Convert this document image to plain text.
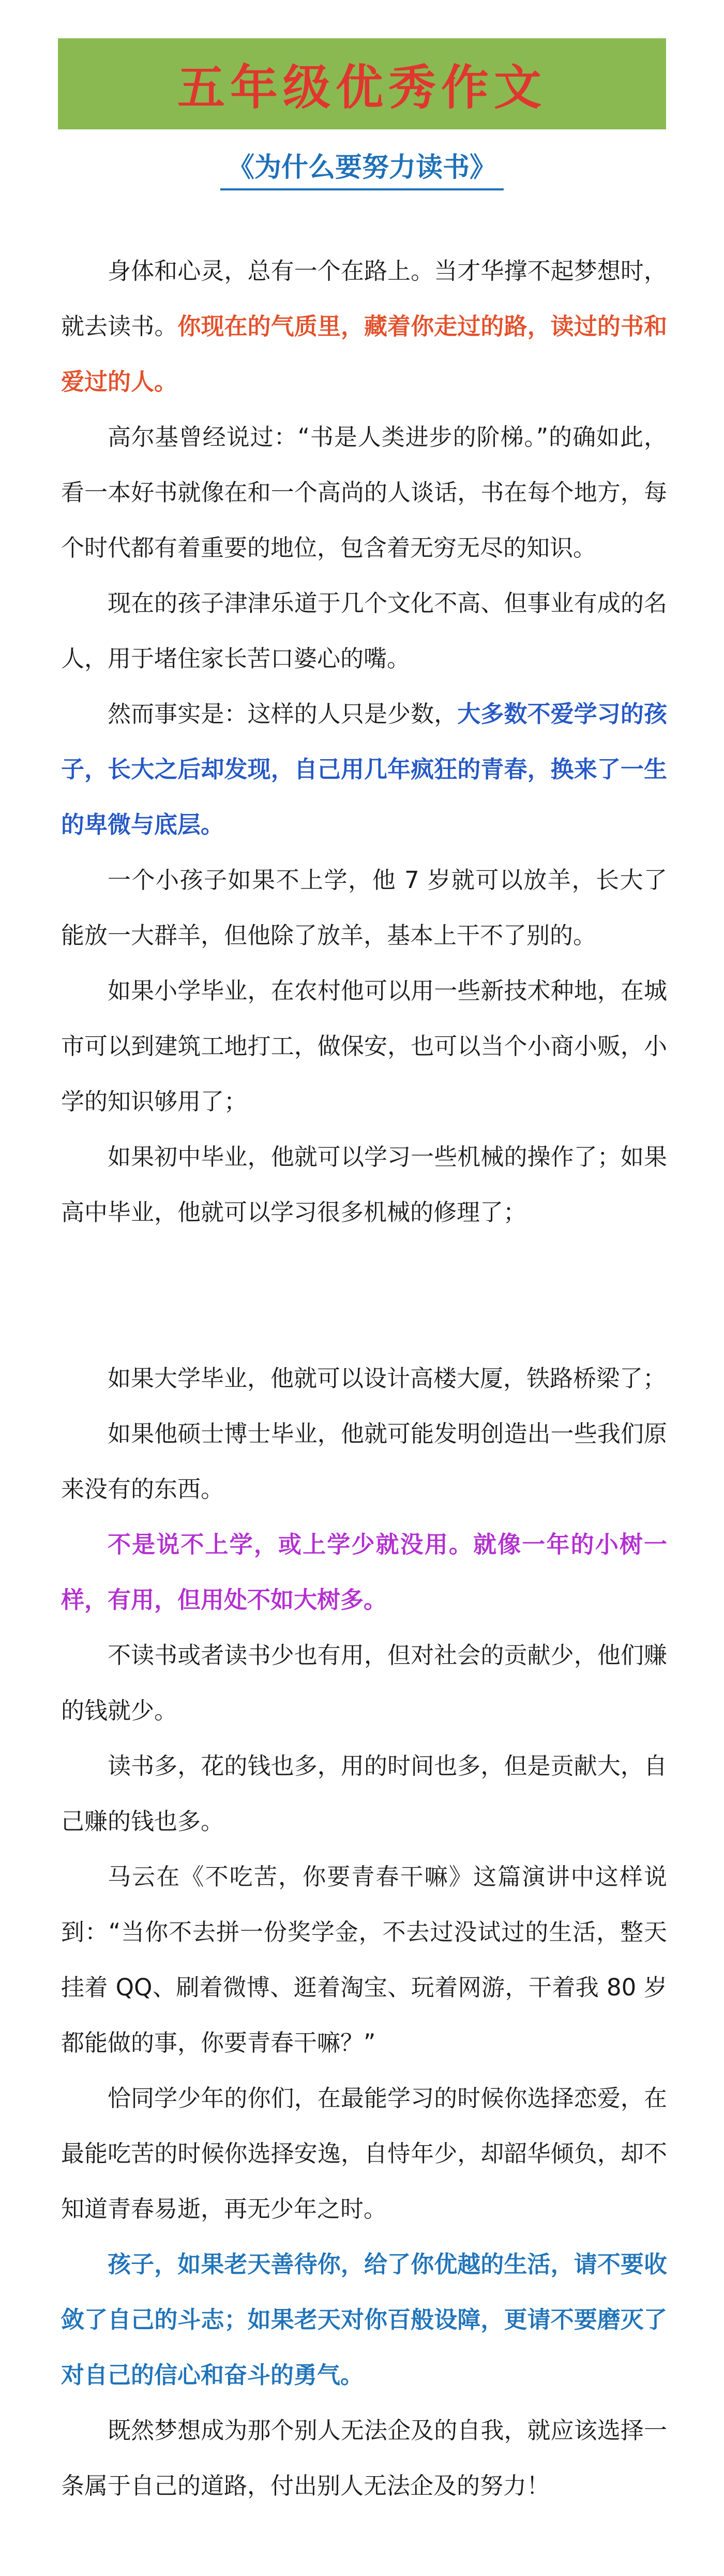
五年级优秀作文
《为什么要努力读书》

身体和心灵，总有一个在路上。当才华撑不起梦想时，就去读书。你现在的气质里，藏着你走过的路，读过的书和爱过的人。

高尔基曾经说过：“书是人类进步的阶梯。”的确如此，看一本好书就像在和一个高尚的人谈话，书在每个地方，每个时代都有着重要的地位，包含着无穷无尽的知识。

现在的孩子津津乐道于几个文化不高、但事业有成的名人，用于堵住家长苦口婆心的嘴。

然而事实是：这样的人只是少数，大多数不爱学习的孩子，长大之后却发现，自己用几年疯狂的青春，换来了一生的卑微与底层。

一个小孩子如果不上学，他 7 岁就可以放羊，长大了能放一大群羊，但他除了放羊，基本上干不了别的。

如果小学毕业，在农村他可以用一些新技术种地，在城市可以到建筑工地打工，做保安，也可以当个小商小贩，小学的知识够用了；

如果初中毕业，他就可以学习一些机械的操作了；如果高中毕业，他就可以学习很多机械的修理了；

如果大学毕业，他就可以设计高楼大厦，铁路桥梁了；

如果他硕士博士毕业，他就可能发明创造出一些我们原来没有的东西。

不是说不上学，或上学少就没用。就像一年的小树一样，有用，但用处不如大树多。

不读书或者读书少也有用，但对社会的贡献少，他们赚的钱就少。

读书多，花的钱也多，用的时间也多，但是贡献大，自己赚的钱也多。

马云在《不吃苦，你要青春干嘛》这篇演讲中这样说到：“当你不去拼一份奖学金，不去过没试过的生活，整天挂着 QQ、刷着微博、逛着淘宝、玩着网游，干着我 80 岁都能做的事，你要青春干嘛？”

恰同学少年的你们，在最能学习的时候你选择恋爱，在最能吃苦的时候你选择安逸，自恃年少，却韶华倾负，却不知道青春易逝，再无少年之时。

孩子，如果老天善待你，给了你优越的生活，请不要收敛了自己的斗志；如果老天对你百般设障，更请不要磨灭了对自己的信心和奋斗的勇气。

既然梦想成为那个别人无法企及的自我，就应该选择一条属于自己的道路，付出别人无法企及的努力！
